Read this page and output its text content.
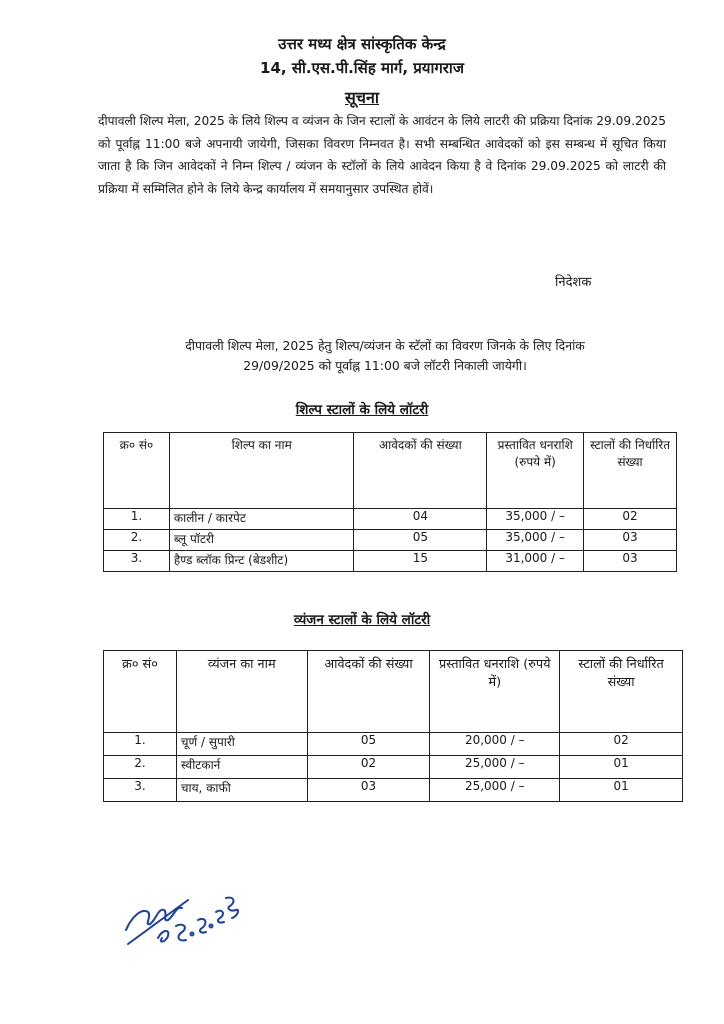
उत्तर मध्य क्षेत्र सांस्कृतिक केन्द्र
14, सी.एस.पी.सिंह मार्ग, प्रयागराज
सूचना
दीपावली शिल्प मेला, 2025 के लिये शिल्प व व्यंजन के जिन स्टालों के आवंटन के लिये लाटरी की प्रक्रिया दिनांक 29.09.2025 को पूर्वाह्न 11:00 बजे अपनायी जायेगी, जिसका विवरण निम्नवत है। सभी सम्बन्धित आवेदकों को इस सम्बन्ध में सूचित किया जाता है कि जिन आवेदकों ने निम्न शिल्प / व्यंजन के स्टॉलों के लिये आवेदन किया है वे दिनांक 29.09.2025 को लाटरी की प्रक्रिया में सम्मिलित होने के लिये केन्द्र कार्यालय में समयानुसार उपस्थित होवें।
निदेशक
दीपावली शिल्प मेला, 2025 हेतु शिल्प/व्यंजन के स्टॅलों का विवरण जिनके के लिए दिनांक
29/09/2025 को पूर्वाह्न 11:00 बजे लॉटरी निकाली जायेगी।
शिल्प स्टालों के लिये लॉटरी
क्र० सं०	शिल्प का नाम	आवेदकों की संख्या	प्रस्तावित धनराशि (रुपये में)	स्टालों की निर्धारित संख्या
1.	कालीन / कारपेट	04	35,000 / –	02
2.	ब्लू पॉटरी	05	35,000 / –	03
3.	हैण्ड ब्लॉक प्रिन्ट (बेडशीट)	15	31,000 / –	03
व्यंजन स्टालों के लिये लॉटरी
क्र० सं०	व्यंजन का नाम	आवेदकों की संख्या	प्रस्तावित धनराशि (रुपये में)	स्टालों की निर्धारित संख्या
1.	चूर्ण / सुपारी	05	20,000 / –	02
2.	स्वीटकार्न	02	25,000 / –	01
3.	चाय, काफी	03	25,000 / –	01
